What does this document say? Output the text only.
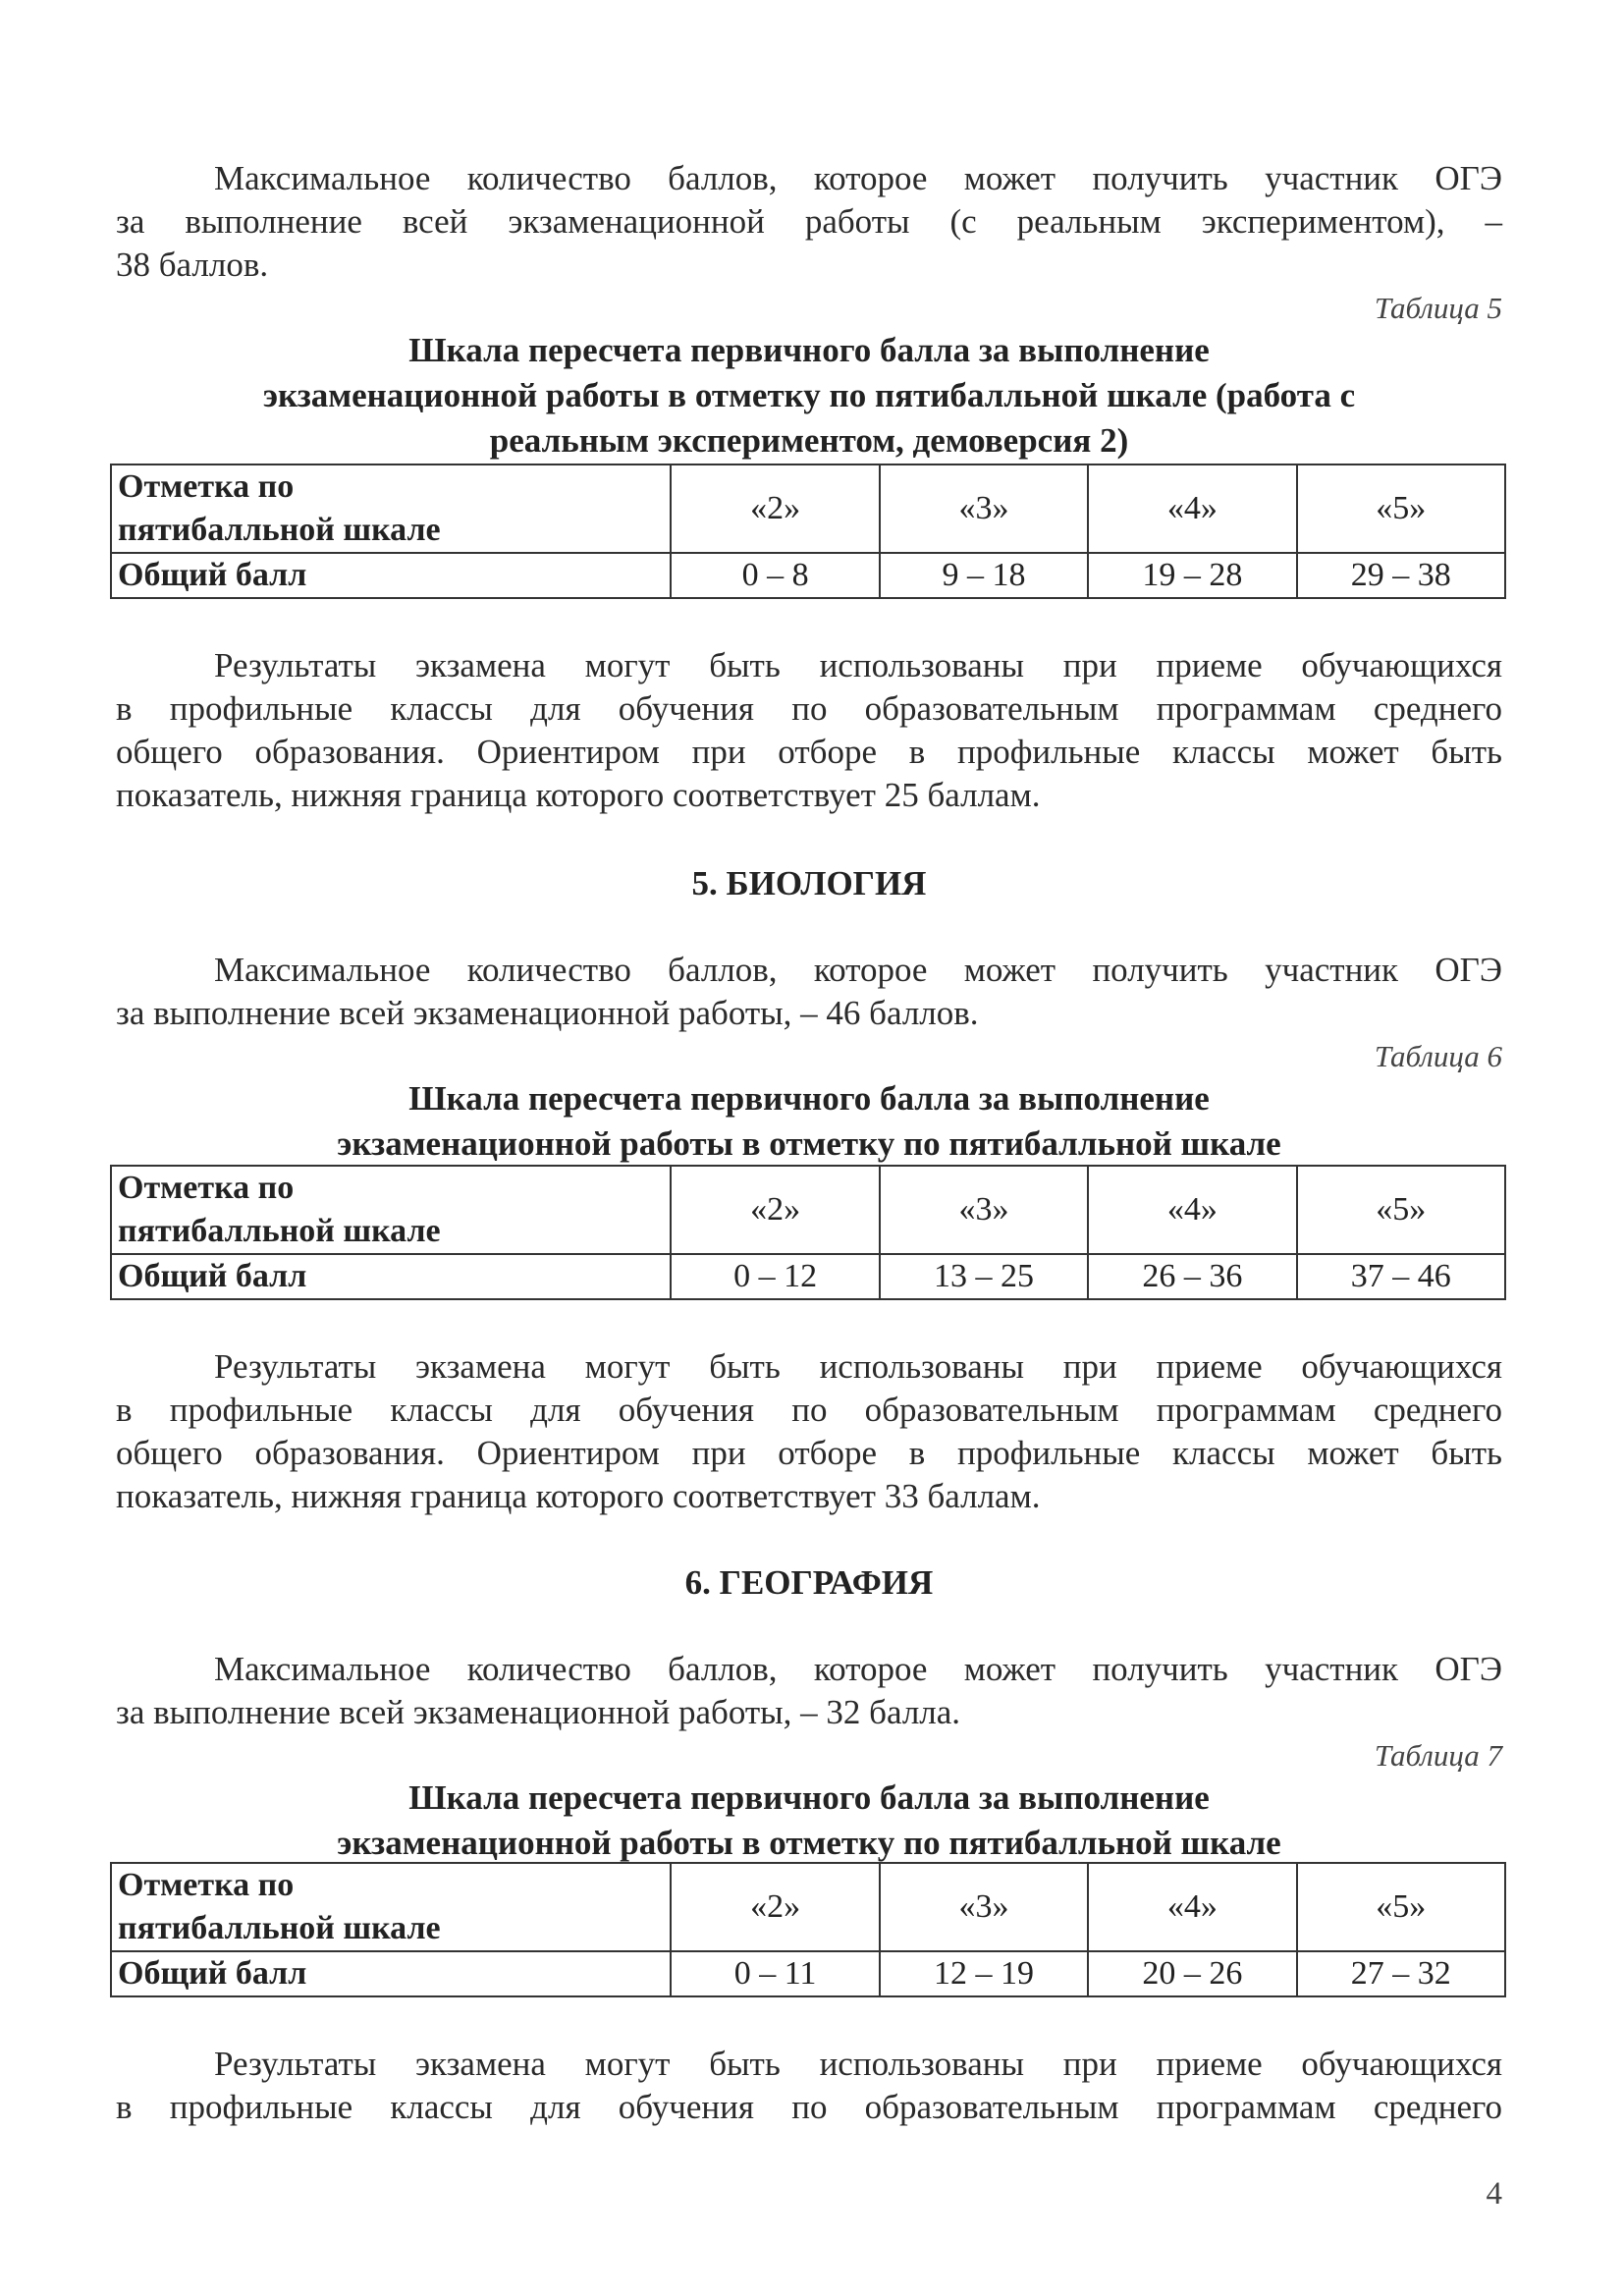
Максимальное количество баллов, которое может получить участник ОГЭ
за выполнение всей экзаменационной работы (с реальным экспериментом), –
38 баллов.
Таблица 5
Шкала пересчета первичного балла за выполнение
экзаменационной работы в отметку по пятибалльной шкале (работа с
реальным экспериментом, демоверсия 2)
Отметка по
пятибалльной шкале	«2»	«3»	«4»	«5»
Общий балл	0 – 8	9 – 18	19 – 28	29 – 38
Результаты экзамена могут быть использованы при приеме обучающихся
в профильные классы для обучения по образовательным программам среднего
общего образования. Ориентиром при отборе в профильные классы может быть
показатель, нижняя граница которого соответствует 25 баллам.
5. БИОЛОГИЯ
Максимальное количество баллов, которое может получить участник ОГЭ
за выполнение всей экзаменационной работы, – 46 баллов.
Таблица 6
Шкала пересчета первичного балла за выполнение
экзаменационной работы в отметку по пятибалльной шкале
Отметка по
пятибалльной шкале	«2»	«3»	«4»	«5»
Общий балл	0 – 12	13 – 25	26 – 36	37 – 46
Результаты экзамена могут быть использованы при приеме обучающихся
в профильные классы для обучения по образовательным программам среднего
общего образования. Ориентиром при отборе в профильные классы может быть
показатель, нижняя граница которого соответствует 33 баллам.
6. ГЕОГРАФИЯ
Максимальное количество баллов, которое может получить участник ОГЭ
за выполнение всей экзаменационной работы, – 32 балла.
Таблица 7
Шкала пересчета первичного балла за выполнение
экзаменационной работы в отметку по пятибалльной шкале
Отметка по
пятибалльной шкале	«2»	«3»	«4»	«5»
Общий балл	0 – 11	12 – 19	20 – 26	27 – 32
Результаты экзамена могут быть использованы при приеме обучающихся
в профильные классы для обучения по образовательным программам среднего
4
